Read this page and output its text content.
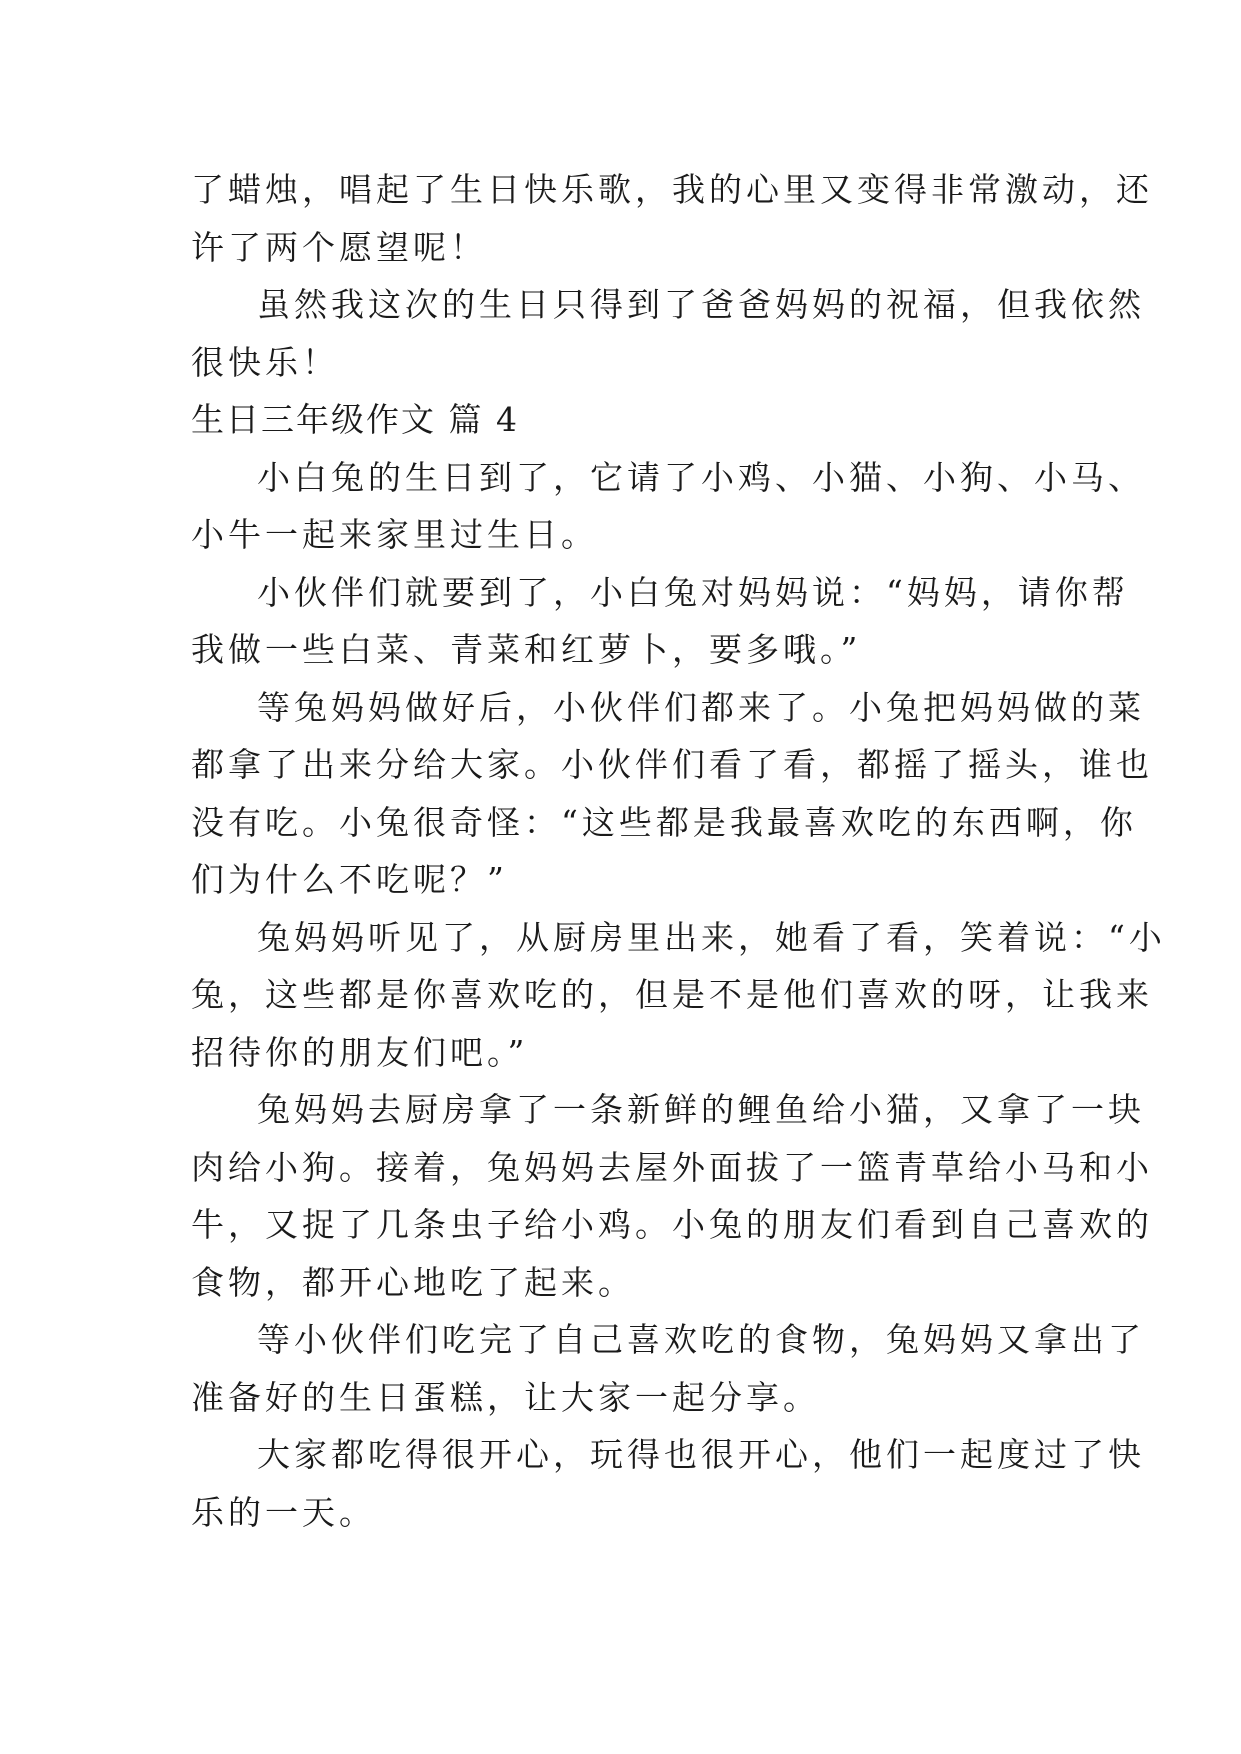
了蜡烛，唱起了生日快乐歌，我的心里又变得非常激动，还
许了两个愿望呢！
虽然我这次的生日只得到了爸爸妈妈的祝福，但我依然
很快乐！
生日三年级作文 篇 4
小白兔的生日到了，它请了小鸡、小猫、小狗、小马、
小牛一起来家里过生日。
小伙伴们就要到了，小白兔对妈妈说：“妈妈，请你帮
我做一些白菜、青菜和红萝卜，要多哦。”
等兔妈妈做好后，小伙伴们都来了。小兔把妈妈做的菜
都拿了出来分给大家。小伙伴们看了看，都摇了摇头，谁也
没有吃。小兔很奇怪：“这些都是我最喜欢吃的东西啊，你
们为什么不吃呢？”
兔妈妈听见了，从厨房里出来，她看了看，笑着说：“小
兔，这些都是你喜欢吃的，但是不是他们喜欢的呀，让我来
招待你的朋友们吧。”
兔妈妈去厨房拿了一条新鲜的鲤鱼给小猫，又拿了一块
肉给小狗。接着，兔妈妈去屋外面拔了一篮青草给小马和小
牛，又捉了几条虫子给小鸡。小兔的朋友们看到自己喜欢的
食物，都开心地吃了起来。
等小伙伴们吃完了自己喜欢吃的食物，兔妈妈又拿出了
准备好的生日蛋糕，让大家一起分享。
大家都吃得很开心，玩得也很开心，他们一起度过了快
乐的一天。
